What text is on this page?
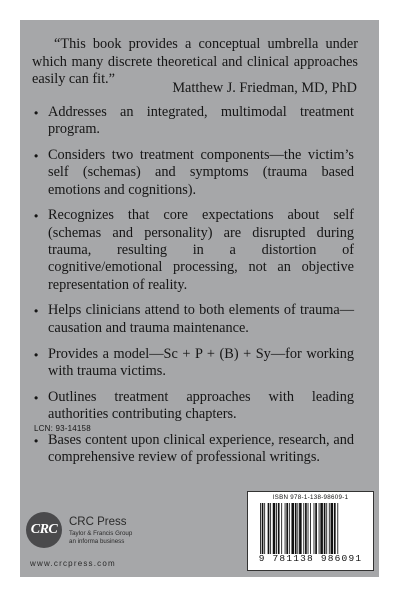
“This book provides a conceptual umbrella under which many discrete theoretical and clinical approaches easily can fit.”
Matthew J. Friedman, MD, PhD
• Addresses an integrated, multimodal treatment program.
• Considers two treatment components—the victim’s self (schemas) and symptoms (trauma based emotions and cognitions).
• Recognizes that core expectations about self (schemas and personality) are disrupted during trauma, resulting in a distortion of cognitive/emotional processing, not an objective representation of reality.
• Helps clinicians attend to both elements of trauma—causation and trauma maintenance.
• Provides a model—Sc + P + (B) + Sy—for working with trauma victims.
• Outlines treatment approaches with leading authorities contributing chapters.
• Bases content upon clinical experience, research, and comprehensive review of professional writings.
LCN: 93-14158
CRC CRC Press
Taylor & Francis Group
an informa business
www.crcpress.com
ISBN 978-1-138-98609-1
9 781138 986091
